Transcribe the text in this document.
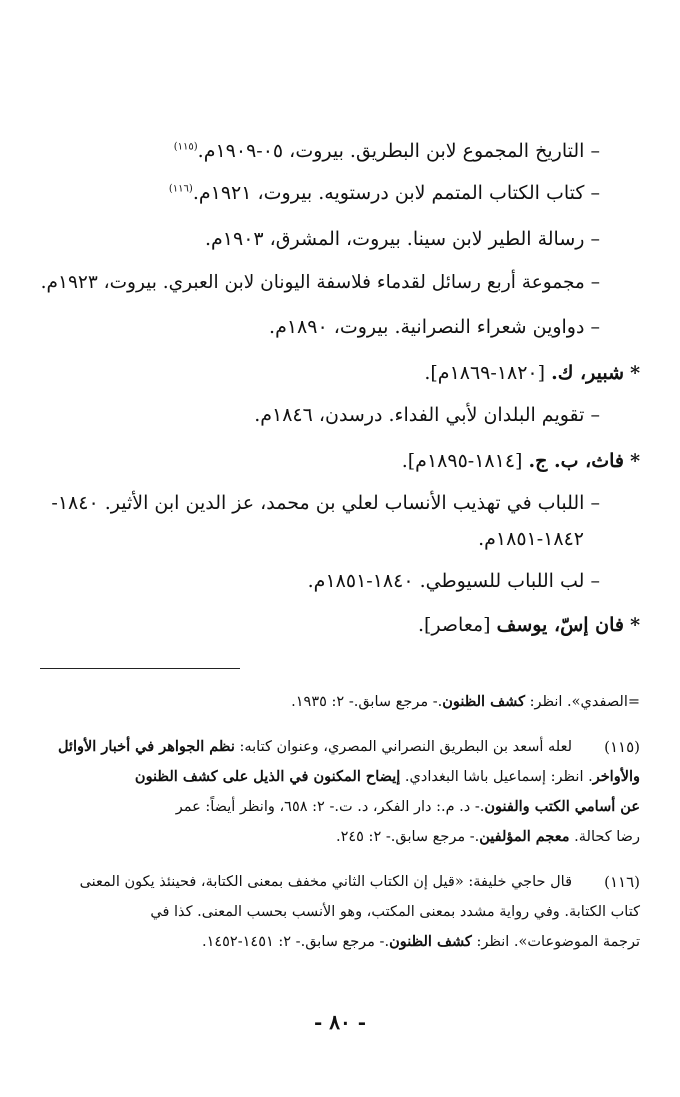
– التاريخ المجموع لابن البطريق. بيروت، ٠٥-١٩٠٩م.$^{(١١٥)}$
– كتاب الكتاب المتمم لابن درستويه. بيروت، ١٩٢١م.$^{(١١٦)}$
– رسالة الطير لابن سينا. بيروت، المشرق، ١٩٠٣م.
– مجموعة أربع رسائل لقدماء فلاسفة اليونان لابن العبري. بيروت، ١٩٢٣م.
– دواوين شعراء النصرانية. بيروت، ١٨٩٠م.
* شبير، ك. [١٨٢٠-١٨٦٩م].
– تقويم البلدان لأبي الفداء. درسدن، ١٨٤٦م.
* فاث، ب. ج. [١٨١٤-١٨٩٥م].
– اللباب في تهذيب الأنساب لعلي بن محمد، عز الدين ابن الأثير. ١٨٤٠-
١٨٤٢-١٨٥١م.
– لب اللباب للسيوطي. ١٨٤٠-١٨٥١م.
* فان إسّ، يوسف [معاصر].
=الصفدي». انظر: كشف الظنون.- مرجع سابق.- ٢: ١٩٣٥.
(١١٥)
لعله أسعد بن البطريق النصراني المصري، وعنوان كتابه: نظم الجواهر في أخبار الأوائل
والأواخر. انظر: إسماعيل باشا البغدادي. إيضاح المكنون في الذيل على كشف الظنون
عن أسامي الكتب والفنون.- د. م.: دار الفكر، د. ت.- ٢: ٦٥٨، وانظر أيضاً: عمر
رضا كحالة. معجم المؤلفين.- مرجع سابق.- ٢: ٢٤٥.
(١١٦)
قال حاجي خليفة: «قيل إن الكتاب الثاني مخفف بمعنى الكتابة، فحينئذ يكون المعنى
كتاب الكتابة. وفي رواية مشدد بمعنى المكتب، وهو الأنسب بحسب المعنى. كذا في
ترجمة الموضوعات». انظر: كشف الظنون.- مرجع سابق.- ٢: ١٤٥١-١٤٥٢.
- ٨٠ -
